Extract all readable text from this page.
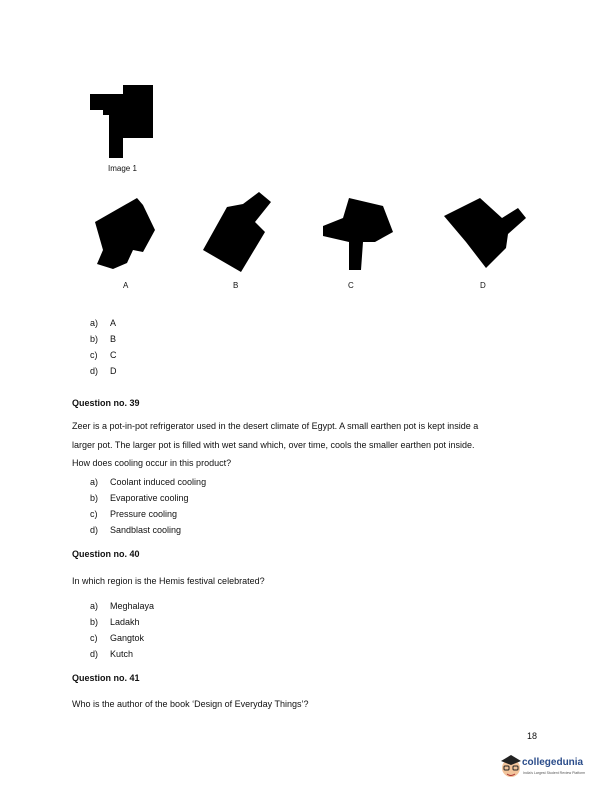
Image 1
A	B	C	D
a) A
b) B
c) C
d) D
Question no. 39
Zeer is a pot-in-pot refrigerator used in the desert climate of Egypt. A small earthen pot is kept inside a
larger pot. The larger pot is filled with wet sand which, over time, cools the smaller earthen pot inside.
How does cooling occur in this product?
a) Coolant induced cooling
b) Evaporative cooling
c) Pressure cooling
d) Sandblast cooling
Question no. 40
In which region is the Hemis festival celebrated?
a) Meghalaya
b) Ladakh
c) Gangtok
d) Kutch
Question no. 41
Who is the author of the book ‘Design of Everyday Things’?
18
collegedunia
India's Largest Student Review Platform
